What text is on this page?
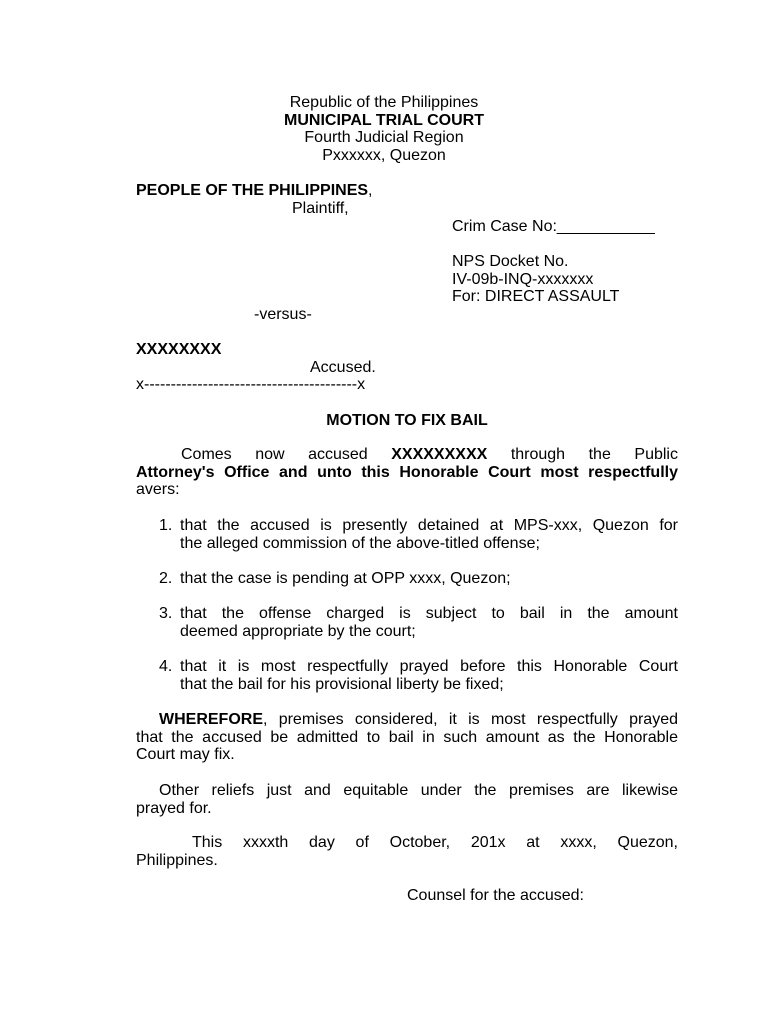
Republic of the Philippines
MUNICIPAL TRIAL COURT
Fourth Judicial Region
Pxxxxxx, Quezon
PEOPLE OF THE PHILIPPINES,
Plaintiff,
Crim Case No:___________
NPS Docket No.
IV-09b-INQ-xxxxxxx
For: DIRECT ASSAULT
-versus-
XXXXXXXX
Accused.
x----------------------------------------x
MOTION TO FIX BAIL
Comes now accused XXXXXXXXX through the Public
Attorney's Office and unto this Honorable Court most respectfully
avers:
1. that the accused is presently detained at MPS-xxx, Quezon for
the alleged commission of the above-titled offense;
2. that the case is pending at OPP xxxx, Quezon;
3. that the offense charged is subject to bail in the amount
deemed appropriate by the court;
4. that it is most respectfully prayed before this Honorable Court
that the bail for his provisional liberty be fixed;
WHEREFORE, premises considered, it is most respectfully prayed
that the accused be admitted to bail in such amount as the Honorable
Court may fix.
Other reliefs just and equitable under the premises are likewise
prayed for.
This xxxxth day of October, 201x at xxxx, Quezon,
Philippines.
Counsel for the accused:
